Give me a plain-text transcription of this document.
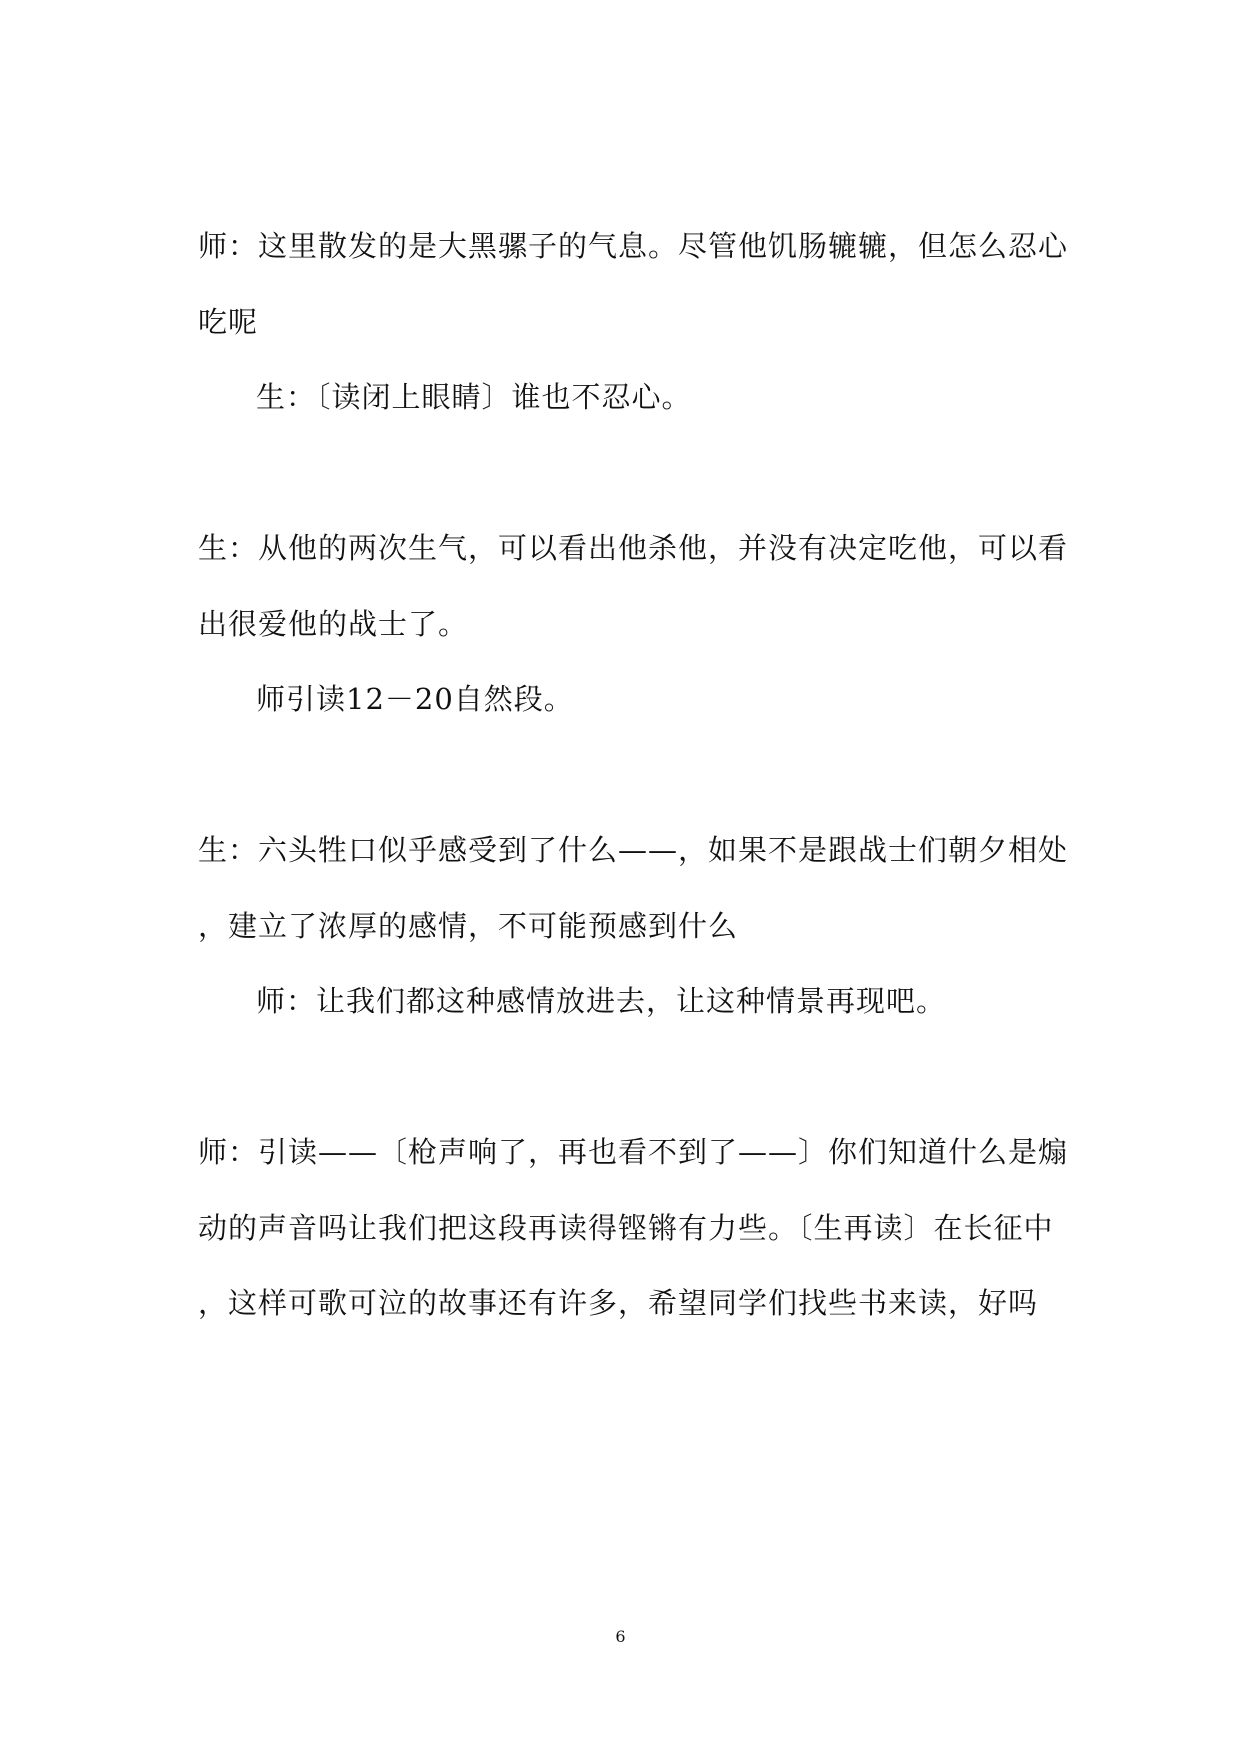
师：这里散发的是大黑骡子的气息。尽管他饥肠辘辘，但怎么忍心
吃呢
生：〔读闭上眼睛〕谁也不忍心。
生：从他的两次生气，可以看出他杀他，并没有决定吃他，可以看
出很爱他的战士了。
师引读12－20自然段。
生：六头牲口似乎感受到了什么——，如果不是跟战士们朝夕相处
，建立了浓厚的感情，不可能预感到什么
师：让我们都这种感情放进去，让这种情景再现吧。
师：引读——〔枪声响了，再也看不到了——〕你们知道什么是煽
动的声音吗让我们把这段再读得铿锵有力些。〔生再读〕在长征中
，这样可歌可泣的故事还有许多，希望同学们找些书来读，好吗
6
